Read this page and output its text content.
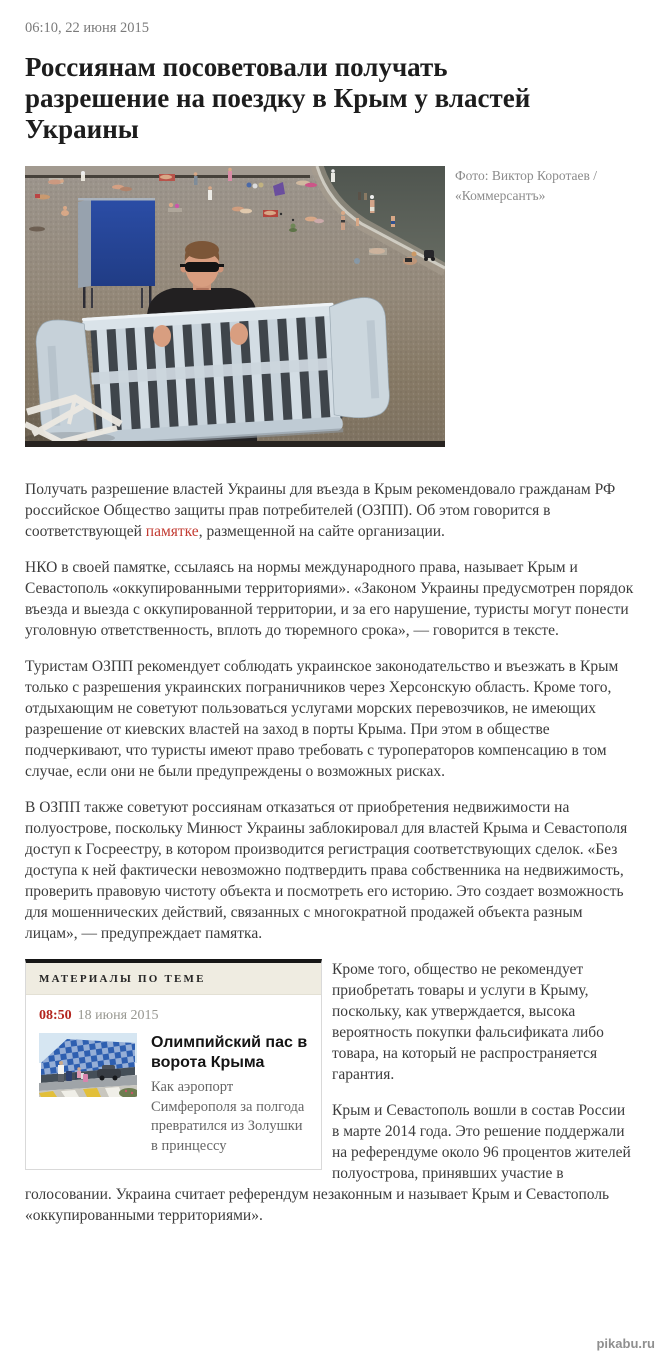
06:10, 22 июня 2015
Россиянам посоветовали получать разрешение на поездку в Крым у властей Украины
Фото: Виктор Коротаев / «Коммерсантъ»

Получать разрешение властей Украины для въезда в Крым рекомендовало гражданам РФ российское Общество защиты прав потребителей (ОЗПП). Об этом говорится в соответствующей памятке, размещенной на сайте организации.

НКО в своей памятке, ссылаясь на нормы международного права, называет Крым и Севастополь «оккупированными территориями». «Законом Украины предусмотрен порядок въезда и выезда с оккупированной территории, и за его нарушение, туристы могут понести уголовную ответственность, вплоть до тюремного срока», — говорится в тексте.

Туристам ОЗПП рекомендует соблюдать украинское законодательство и въезжать в Крым только с разрешения украинских пограничников через Херсонскую область. Кроме того, отдыхающим не советуют пользоваться услугами морских перевозчиков, не имеющих разрешение от киевских властей на заход в порты Крыма. При этом в обществе подчеркивают, что туристы имеют право требовать с туроператоров компенсацию в том случае, если они не были предупреждены о возможных рисках.

В ОЗПП также советуют россиянам отказаться от приобретения недвижимости на полуострове, поскольку Минюст Украины заблокировал для властей Крыма и Севастополя доступ к Госреестру, в котором производится регистрация соответствующих сделок. «Без доступа к ней фактически невозможно подтвердить права собственника на недвижимость, проверить правовую чистоту объекта и посмотреть его историю. Это создает возможность для мошеннических действий, связанных с многократной продажей объекта разным лицам», — предупреждает памятка.

МАТЕРИАЛЫ ПО ТЕМЕ
08:50 18 июня 2015
Олимпийский пас в ворота Крыма
Как аэропорт Симферополя за полгода превратился из Золушки в принцессу

Кроме того, общество не рекомендует приобретать товары и услуги в Крыму, поскольку, как утверждается, высока вероятность покупки фальсификата либо товара, на который не распространяется гарантия.

Крым и Севастополь вошли в состав России в марте 2014 года. Это решение поддержали на референдуме около 96 процентов жителей полуострова, принявших участие в голосовании. Украина считает референдум незаконным и называет Крым и Севастополь «оккупированными территориями».

pikabu.ru
